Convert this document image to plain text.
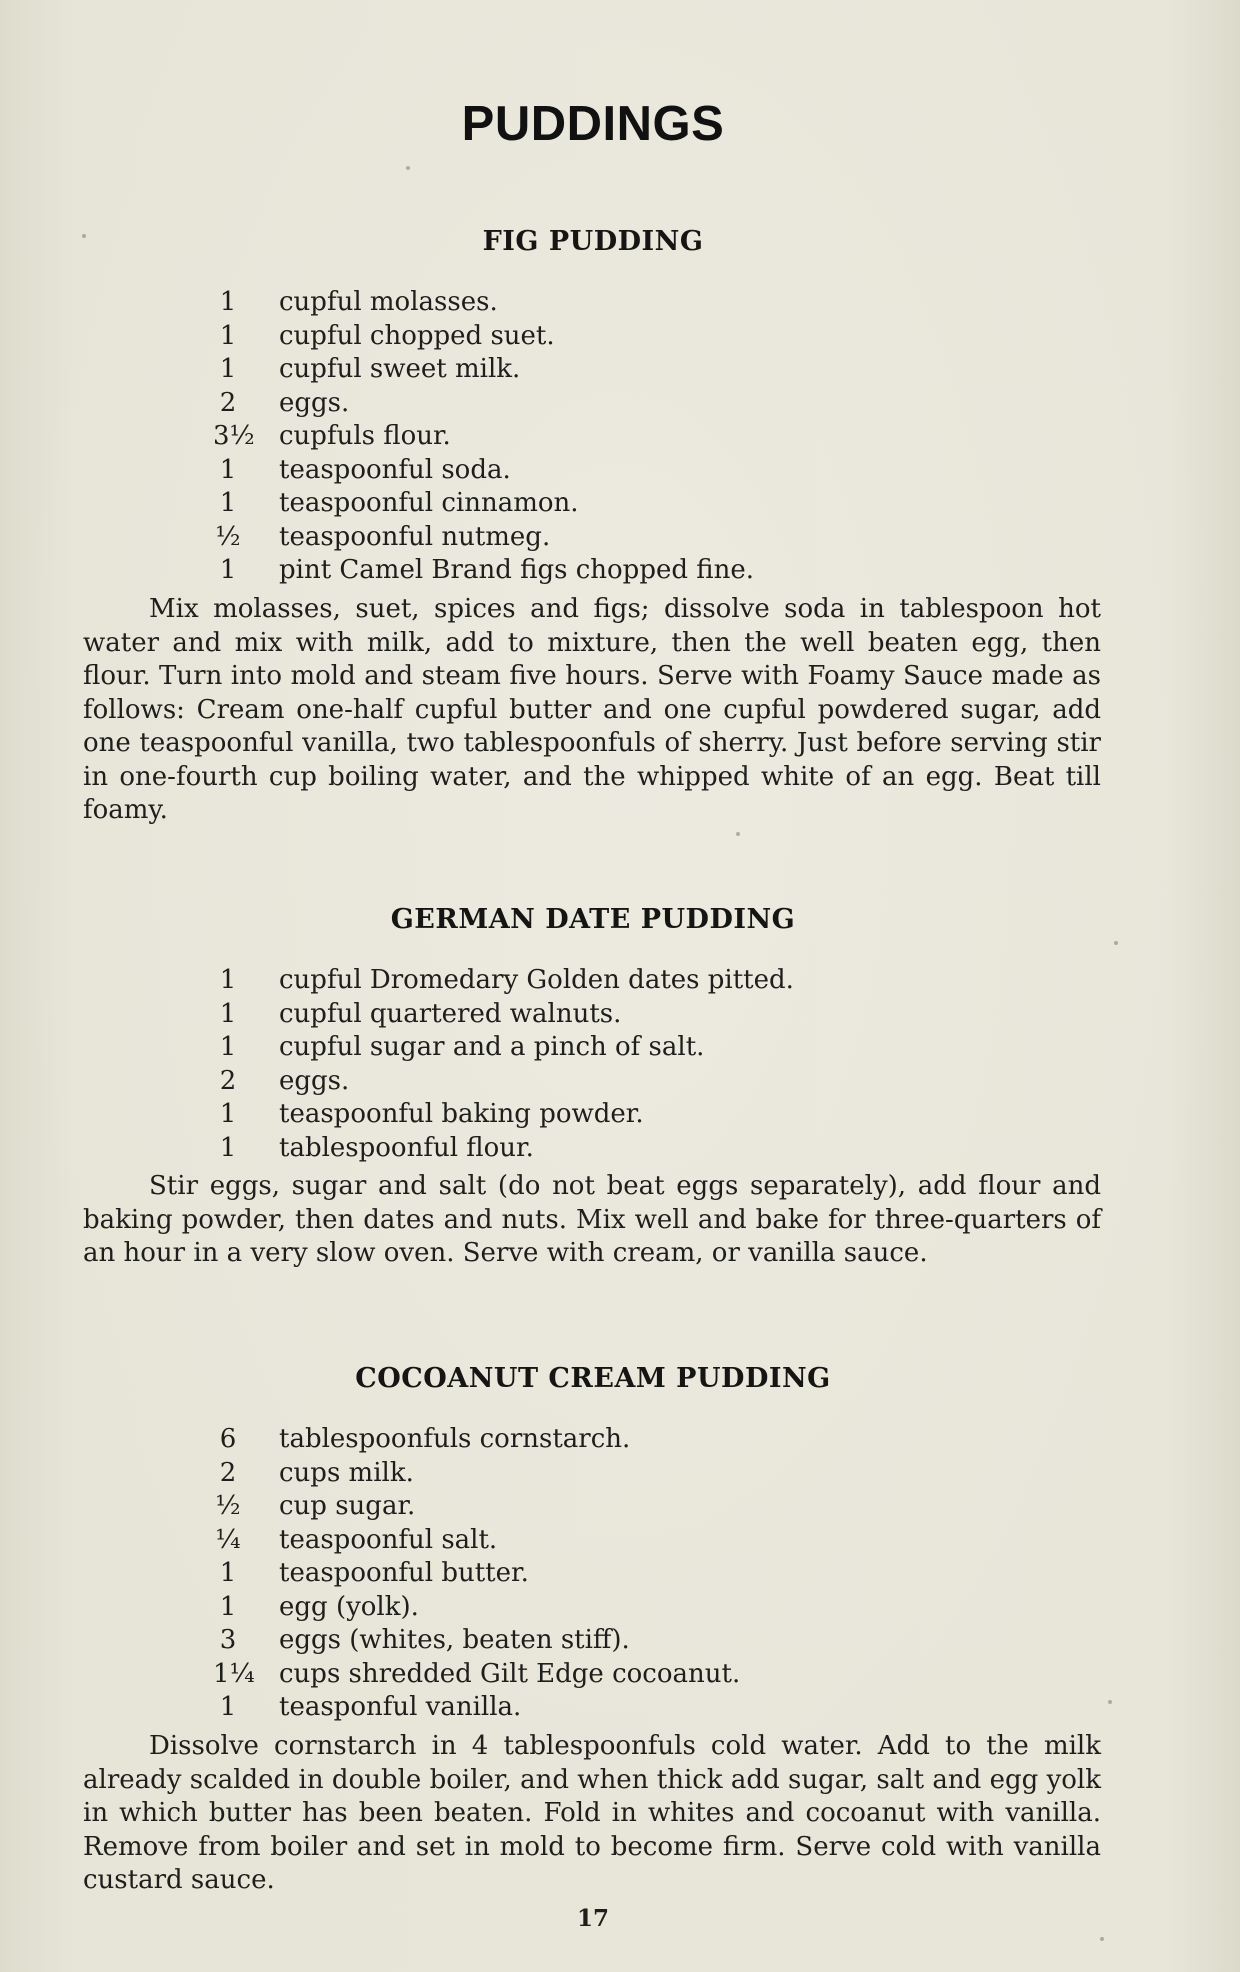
PUDDINGS
FIG PUDDING
1	cupful molasses.
1	cupful chopped suet.
1	cupful sweet milk.
2	eggs.
3½ cupfuls flour.
1	teaspoonful soda.
1	teaspoonful cinnamon.
½	teaspoonful nutmeg.
1	pint Camel Brand figs chopped fine.

Mix molasses, suet, spices and figs; dissolve soda in tablespoon hot water and mix with milk, add to mixture, then the well beaten egg, then flour. Turn into mold and steam five hours. Serve with Foamy Sauce made as follows: Cream one-half cupful butter and one cupful powdered sugar, add one teaspoonful vanilla, two tablespoonfuls of sherry. Just before serving stir in one-fourth cup boiling water, and the whipped white of an egg. Beat till foamy.

GERMAN DATE PUDDING
1	cupful Dromedary Golden dates pitted.
1	cupful quartered walnuts.
1	cupful sugar and a pinch of salt.
2	eggs.
1	teaspoonful baking powder.
1	tablespoonful flour.

Stir eggs, sugar and salt (do not beat eggs separately), add flour and baking powder, then dates and nuts. Mix well and bake for three-quarters of an hour in a very slow oven. Serve with cream, or vanilla sauce.

COCOANUT CREAM PUDDING
6	tablespoonfuls cornstarch.
2	cups milk.
½	cup sugar.
¼	teaspoonful salt.
1	teaspoonful butter.
1	egg (yolk).
3	eggs (whites, beaten stiff).
1¼ cups shredded Gilt Edge cocoanut.
1	teasponful vanilla.

Dissolve cornstarch in 4 tablespoonfuls cold water. Add to the milk already scalded in double boiler, and when thick add sugar, salt and egg yolk in which butter has been beaten. Fold in whites and cocoanut with vanilla. Remove from boiler and set in mold to become firm. Serve cold with vanilla custard sauce.

17
